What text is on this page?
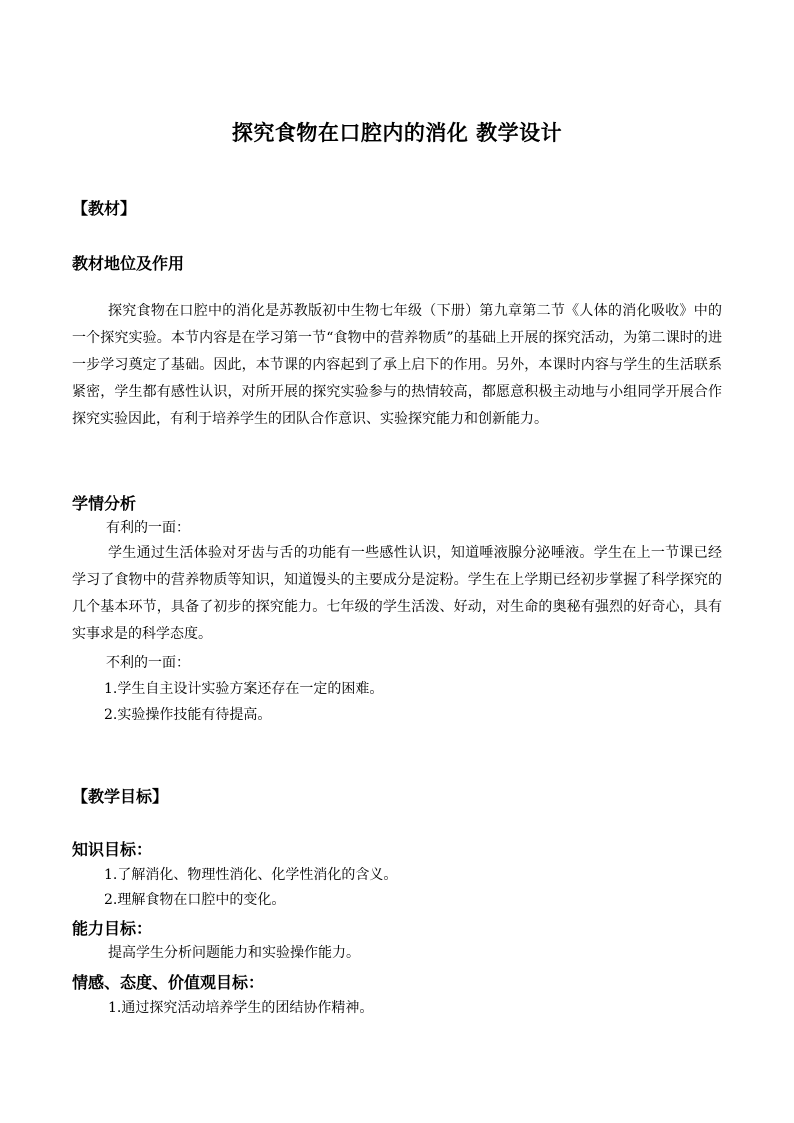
探究食物在口腔内的消化 教学设计
【教材】
教材地位及作用

探究食物在口腔中的消化是苏教版初中生物七年级（下册）第九章第二节《人体的消化吸收》中的一个探究实验。本节内容是在学习第一节“食物中的营养物质”的基础上开展的探究活动，为第二课时的进一步学习奠定了基础。因此，本节课的内容起到了承上启下的作用。另外，本课时内容与学生的生活联系紧密，学生都有感性认识，对所开展的探究实验参与的热情较高，都愿意积极主动地与小组同学开展合作探究实验因此，有利于培养学生的团队合作意识、实验探究能力和创新能力。

学情分析

有利的一面：

学生通过生活体验对牙齿与舌的功能有一些感性认识，知道唾液腺分泌唾液。学生在上一节课已经学习了食物中的营养物质等知识，知道馒头的主要成分是淀粉。学生在上学期已经初步掌握了科学探究的几个基本环节，具备了初步的探究能力。七年级的学生活泼、好动，对生命的奥秘有强烈的好奇心，具有实事求是的科学态度。

不利的一面：

1.学生自主设计实验方案还存在一定的困难。

2.实验操作技能有待提高。

【教学目标】
知识目标：

1.了解消化、物理性消化、化学性消化的含义。

2.理解食物在口腔中的变化。

能力目标：

提高学生分析问题能力和实验操作能力。

情感、态度、价值观目标：

1.通过探究活动培养学生的团结协作精神。
